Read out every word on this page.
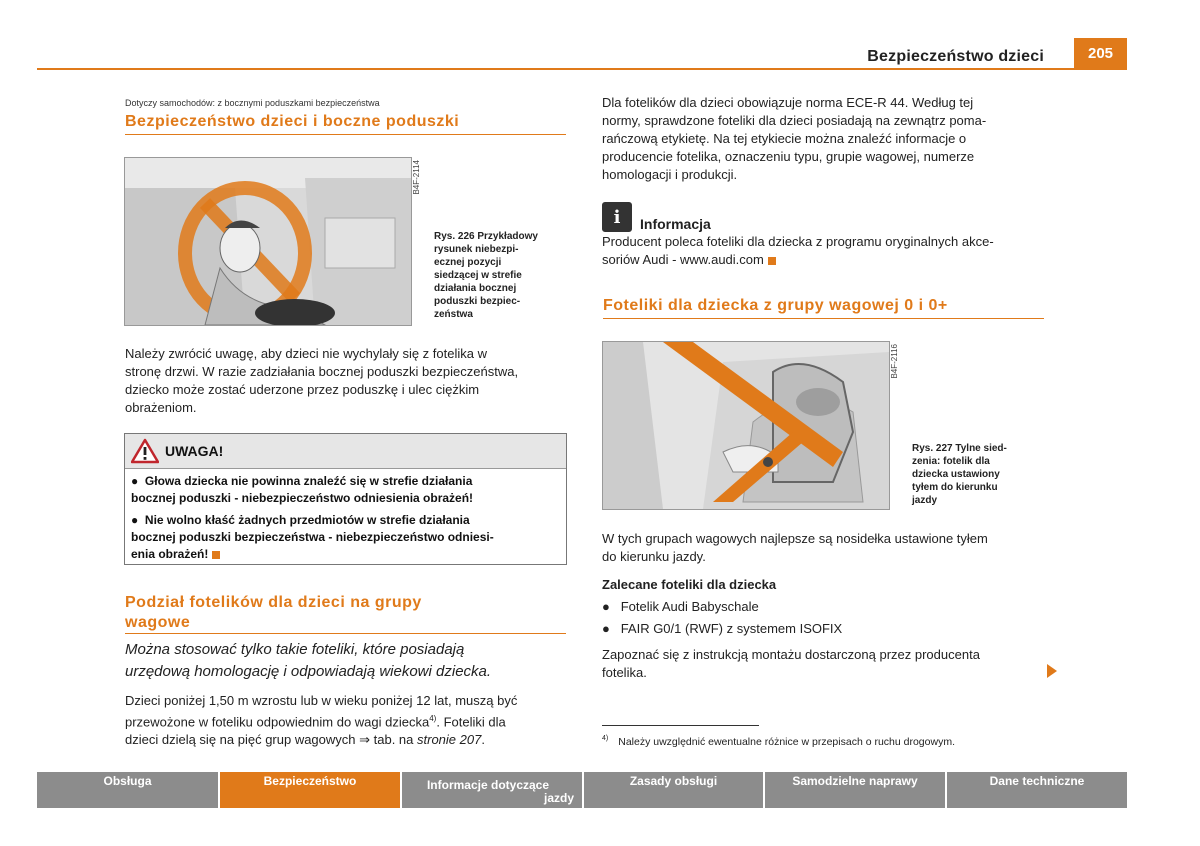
Bezpieczeństwo dzieci	205
Dotyczy samochodów: z bocznymi poduszkami bezpieczeństwa
Bezpieczeństwo dzieci i boczne poduszki
B4F-2114
Rys. 226 Przykładowy
rysunek niebezpi-
ecznej pozycji
siedzącej w strefie
działania bocznej
poduszki bezpiec-
zeństwa

Należy zwrócić uwagę, aby dzieci nie wychylały się z fotelika w

stronę drzwi. W razie zadziałania bocznej poduszki bezpieczeństwa,

dziecko może zostać uderzone przez poduszkę i ulec ciężkim

obrażeniom.

UWAGA!
●  Głowa dziecka nie powinna znaleźć się w strefie działania
bocznej poduszki - niebezpieczeństwo odniesienia obrażeń!
●  Nie wolno kłaść żadnych przedmiotów w strefie działania
bocznej poduszki bezpieczeństwa - niebezpieczeństwo odniesi-
enia obrażeń!
Podział fotelików dla dzieci na grupy
wagowe
Można stosować tylko takie foteliki, które posiadają
urzędową homologację i odpowiadają wiekowi dziecka.

Dzieci poniżej 1,50 m wzrostu lub w wieku poniżej 12 lat, muszą być

przewożone w foteliku odpowiednim do wagi dziecka$^{4)}$. Foteliki dla

dzieci dzielą się na pięć grup wagowych ⇒ tab. na stronie 207.

Dla fotelików dla dzieci obowiązuje norma ECE-R 44. Według tej

normy, sprawdzone foteliki dla dzieci posiadają na zewnątrz poma-

rańczową etykietę. Na tej etykiecie można znaleźć informacje o

producencie fotelika, oznaczeniu typu, grupie wagowej, numerze

homologacji i produkcji.

i	Informacja

Producent poleca foteliki dla dziecka z programu oryginalnych akce-

soriów Audi - www.audi.com

Foteliki dla dziecka z grupy wagowej 0 i 0+
B4F-2116
Rys. 227 Tylne sied-
zenia: fotelik dla
dziecka ustawiony
tyłem do kierunku
jazdy

W tych grupach wagowych najlepsze są nosidełka ustawione tyłem

do kierunku jazdy.

Zalecane foteliki dla dziecka
●   Fotelik Audi Babyschale
●   FAIR G0/1 (RWF) z systemem ISOFIX

Zapoznać się z instrukcją montażu dostarczoną przez producenta

fotelika.

$^{4)}$ Należy uwzględnić ewentualne różnice w przepisach o ruchu drogowym.
Obsługa	Bezpieczeństwo	Informacje dotyczące
jazdy
Zasady obsługi	Samodzielne naprawy	Dane techniczne
